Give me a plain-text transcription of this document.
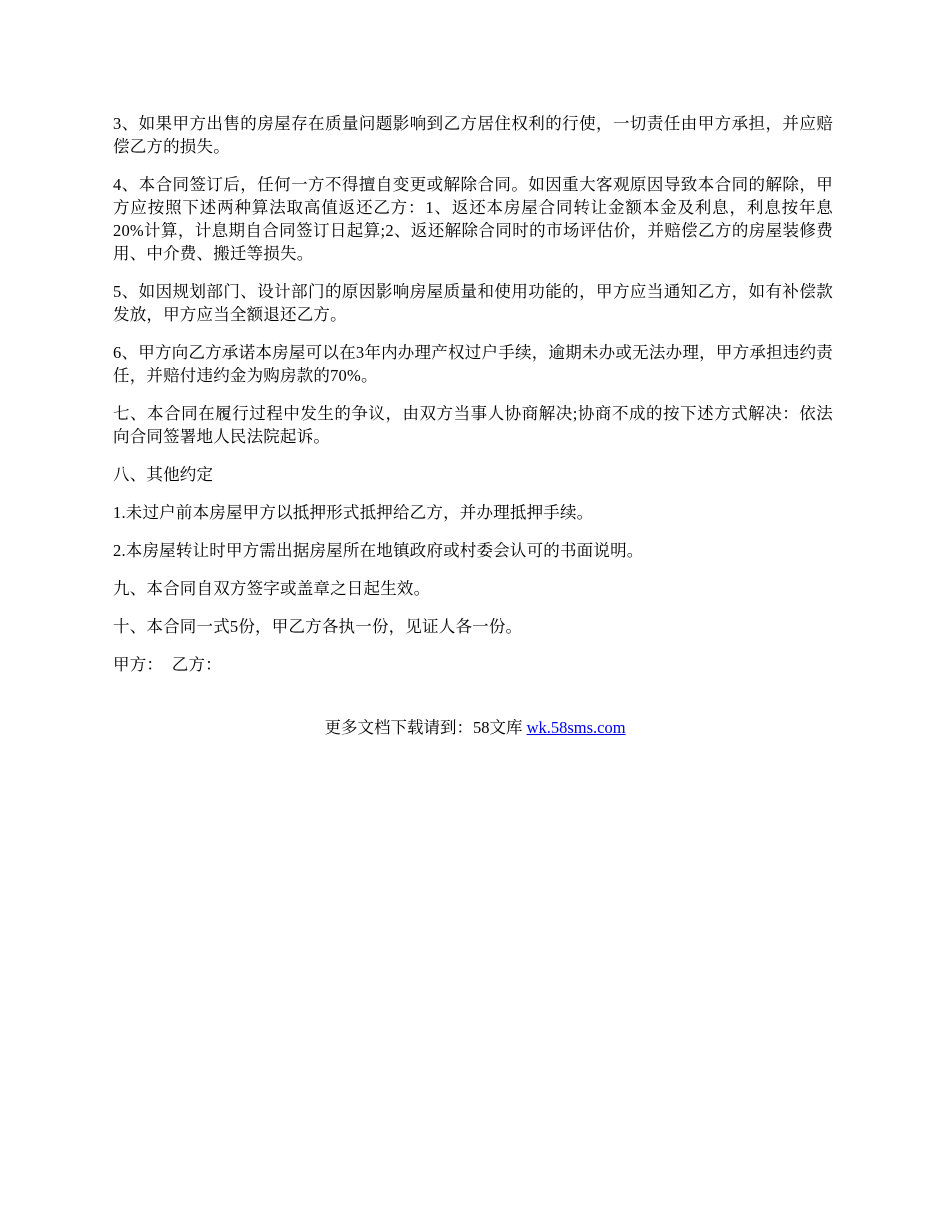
3、如果甲方出售的房屋存在质量问题影响到乙方居住权利的行使，一切责任由甲方承担，并应赔偿乙方的损失。

4、本合同签订后，任何一方不得擅自变更或解除合同。如因重大客观原因导致本合同的解除，甲方应按照下述两种算法取高值返还乙方：1、返还本房屋合同转让金额本金及利息，利息按年息20%计算，计息期自合同签订日起算;2、返还解除合同时的市场评估价，并赔偿乙方的房屋装修费用、中介费、搬迁等损失。

5、如因规划部门、设计部门的原因影响房屋质量和使用功能的，甲方应当通知乙方，如有补偿款发放，甲方应当全额退还乙方。

6、甲方向乙方承诺本房屋可以在3年内办理产权过户手续，逾期未办或无法办理，甲方承担违约责任，并赔付违约金为购房款的70%。

七、本合同在履行过程中发生的争议，由双方当事人协商解决;协商不成的按下述方式解决：依法向合同签署地人民法院起诉。

八、其他约定

1.未过户前本房屋甲方以抵押形式抵押给乙方，并办理抵押手续。

2.本房屋转让时甲方需出据房屋所在地镇政府或村委会认可的书面说明。

九、本合同自双方签字或盖章之日起生效。

十、本合同一式5份，甲乙方各执一份，见证人各一份。

甲方：  乙方：

更多文档下载请到：58文库 wk.58sms.com
